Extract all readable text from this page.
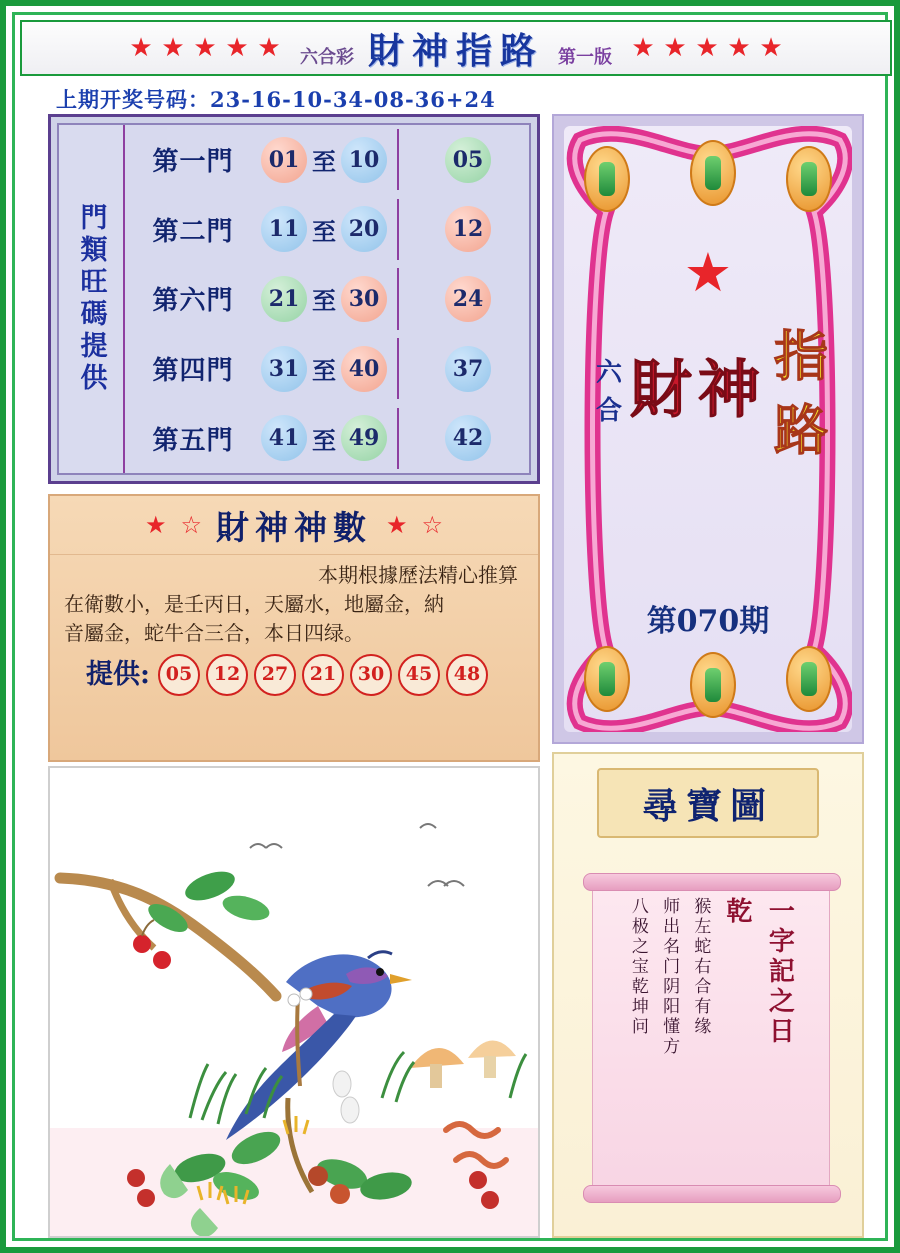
★ ★ ★ ★ ★ 六合彩 財神指路 第一版 ★ ★ ★ ★ ★
上期开奖号码：23-16-10-34-08-36+24
門類旺碼提供
第一門	01 至 10	05
第二門	11 至 20	12
第六門	21 至 30	24
第四門	31 至 40	37
第五門	41 至 49	42
★ ☆ 財神神數 ★ ☆
本期根據歷法精心推算
在衛數小，是壬丙日，天屬水，地屬金，納
音屬金，蛇牛合三合，本日四绿。
提供: 05	12	27	21	30	45	48
★
六
合 財 神 指
路
第070期
尋寶圖
一字記之日
乾
猴左蛇右合有缘
师出名门阴阳懂方
八极之宝乾坤问
